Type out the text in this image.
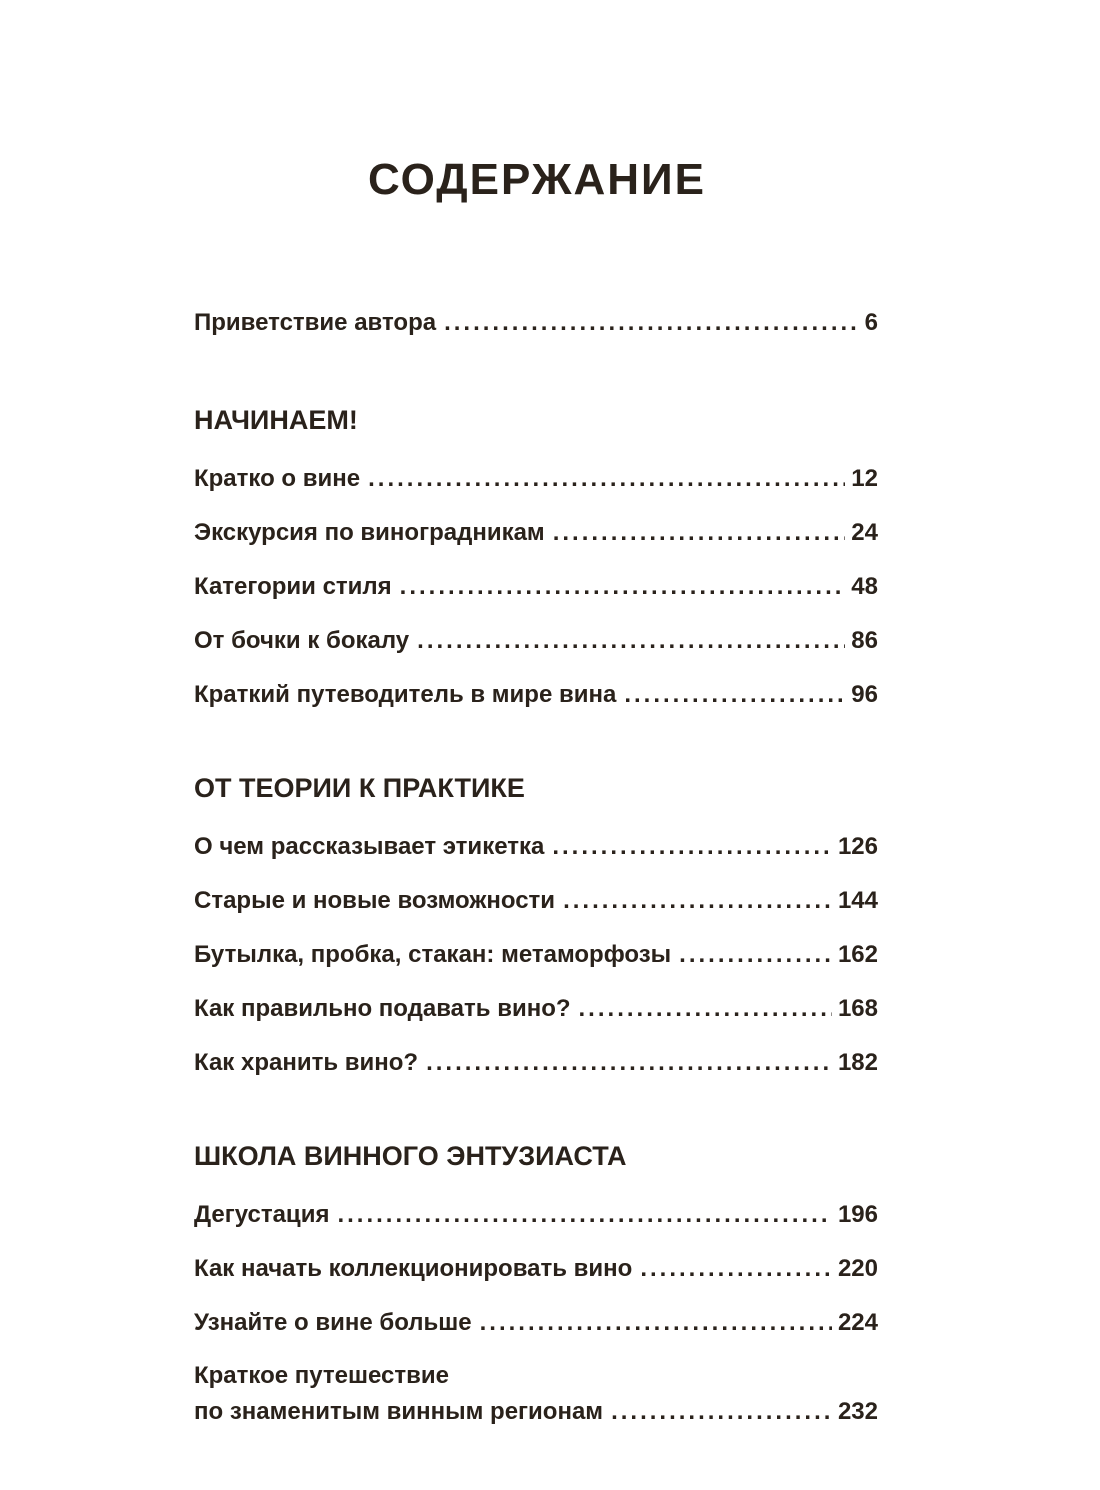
СОДЕРЖАНИЕ
Приветствие автора .....	6
НАЧИНАЕМ!
Кратко о вине .....	12
Экскурсия по виноградникам .....	24
Категории стиля .....	48
От бочки к бокалу .....	86
Краткий путеводитель в мире вина .....	96
ОТ ТЕОРИИ К ПРАКТИКЕ
О чем рассказывает этикетка .....	126
Старые и новые возможности .....	144
Бутылка, пробка, стакан: метаморфозы .....	162
Как правильно подавать вино? .....	168
Как хранить вино? .....	182
ШКОЛА ВИННОГО ЭНТУЗИАСТА
Дегустация .....	196
Как начать коллекционировать вино .....	220
Узнайте о вине больше .....	224
Краткое путешествие
по знаменитым винным регионам .....	232
